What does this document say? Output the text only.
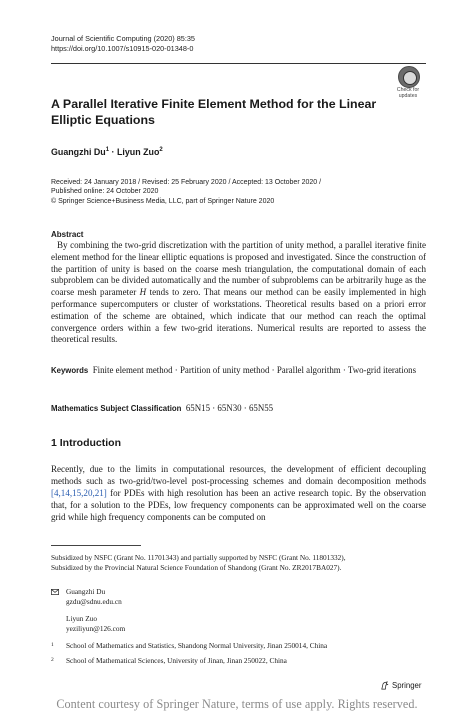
Journal of Scientific Computing (2020) 85:35
https://doi.org/10.1007/s10915-020-01348-0
Check for
updates
A Parallel Iterative Finite Element Method for the Linear
Elliptic Equations
Guangzhi $Du^1$ · Liyun Zuo$^2$
Received: 24 January 2018 / Revised: 25 February 2020 / Accepted: 13 October 2020 /
Published online: 24 October 2020
© Springer Science+Business Media, LLC, part of Springer Nature 2020
Abstract
By combining the two-grid discretization with the partition of unity method, a parallel iterative finite element method for the linear elliptic equations is proposed and investigated. Since the construction of the partition of unity is based on the coarse mesh triangulation, the computational domain of each subproblem can be divided automatically and the number of subproblems can be arbitrarily huge as the coarse mesh parameter H tends to zero. That means our method can be easily implemented in high performance supercomputers or cluster of workstations. Theoretical results based on a priori error estimation of the scheme are obtained, which indicate that our method can reach the optimal convergence orders within a few two-grid iterations. Numerical results are reported to assess the theoretical results.
Keywords Finite element method · Partition of unity method · Parallel algorithm · Two-grid iterations
Mathematics Subject Classification 65N15 · 65N30 · 65N55
1 Introduction
Recently, due to the limits in computational resources, the development of efficient decoupling methods such as two-grid/two-level post-processing schemes and domain decomposition methods [4,14,15,20,21] for PDEs with high resolution has been an active research topic. By the observation that, for a solution to the PDEs, low frequency components can be approximated well on the coarse grid while high frequency components can be computed on
Subsidized by NSFC (Grant No. 11701343) and partially supported by NSFC (Grant No. 11801332),
Subsidized by the Provincial Natural Science Foundation of Shandong (Grant No. ZR2017BA027).
Guangzhi Du
gzdu@sdnu.edu.cn
Liyun Zuo
yeziliyun@126.com
1 School of Mathematics and Statistics, Shandong Normal University, Jinan 250014, China
2 School of Mathematical Sciences, University of Jinan, Jinan 250022, China
Springer
Content courtesy of Springer Nature, terms of use apply. Rights reserved.
